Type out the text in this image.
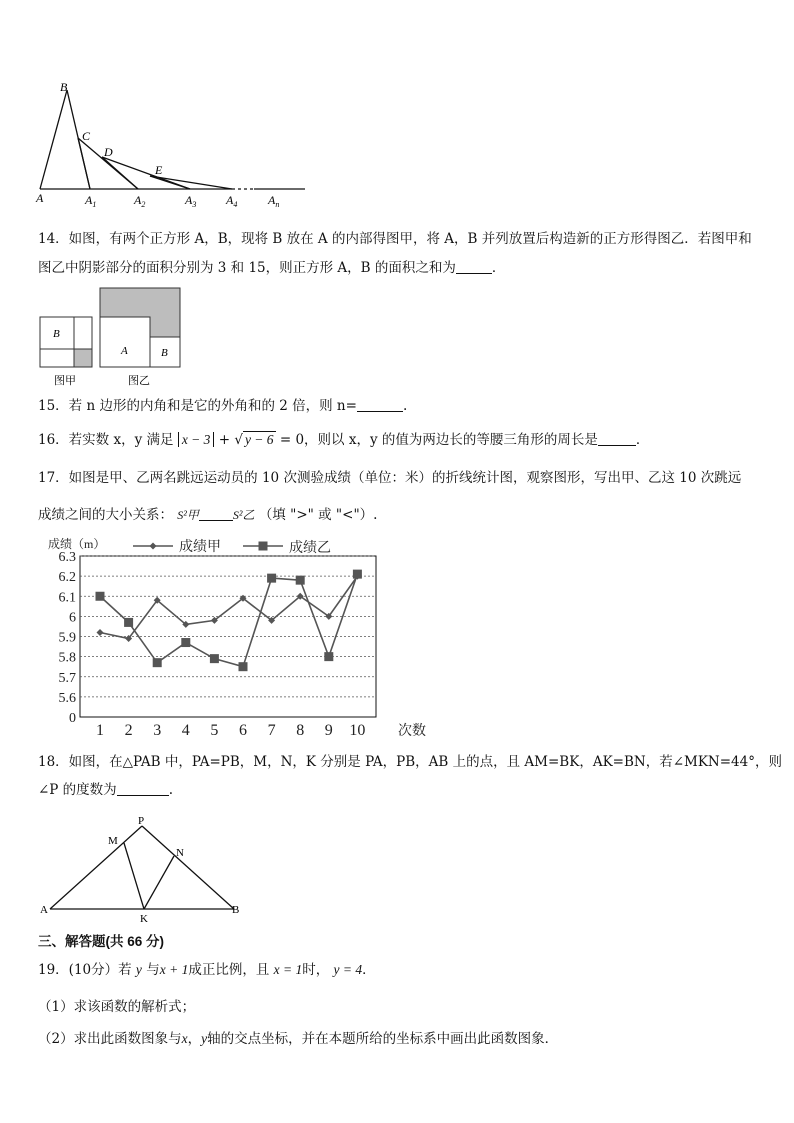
B
C
D
E
A	$A_1$	$A_2$	$A_3$ $A_4$	$A_n$
14．如图，有两个正方形 A，B，现将 B 放在 A 的内部得图甲，将 A，B 并列放置后构造新的正方形得图乙．若图甲和
图乙中阴影部分的面积分别为 3 和 15，则正方形 A，B 的面积之和为	．
B
A	B
图甲	图乙
15．若 n 边形的内角和是它的外角和的 2 倍，则 n=	.
16．若实数 x，y 满足 x − 3 + √ y − 6 = 0，则以 x，y 的值为两边长的等腰三角形的周长是	．
17．如图是甲、乙两名跳远运动员的 10 次测验成绩（单位：米）的折线统计图，观察图形，写出甲、乙这 10 次跳远
成绩之间的大小关系： S²甲	S²乙 （填 ">" 或 "<"）.
0
5.6
5.7
5.8
5.9
6
6.1
6.2
6.3
成绩（m）
1 2 3 4 5 6 7 8 9 10 次数
成绩甲	成绩乙
18．如图，在△PAB 中，PA=PB，M，N，K 分别是 PA，PB，AB 上的点，且 AM=BK，AK=BN，若∠MKN=44°，则
∠P 的度数为	.
P
M
N
A	B
K
三、解答题(共 66 分)
19．(10分）若 y 与x + 1成正比例，且 x = 1时， y = 4．
（1）求该函数的解析式；
（2）求出此函数图象与x，y轴的交点坐标，并在本题所给的坐标系中画出此函数图象．
